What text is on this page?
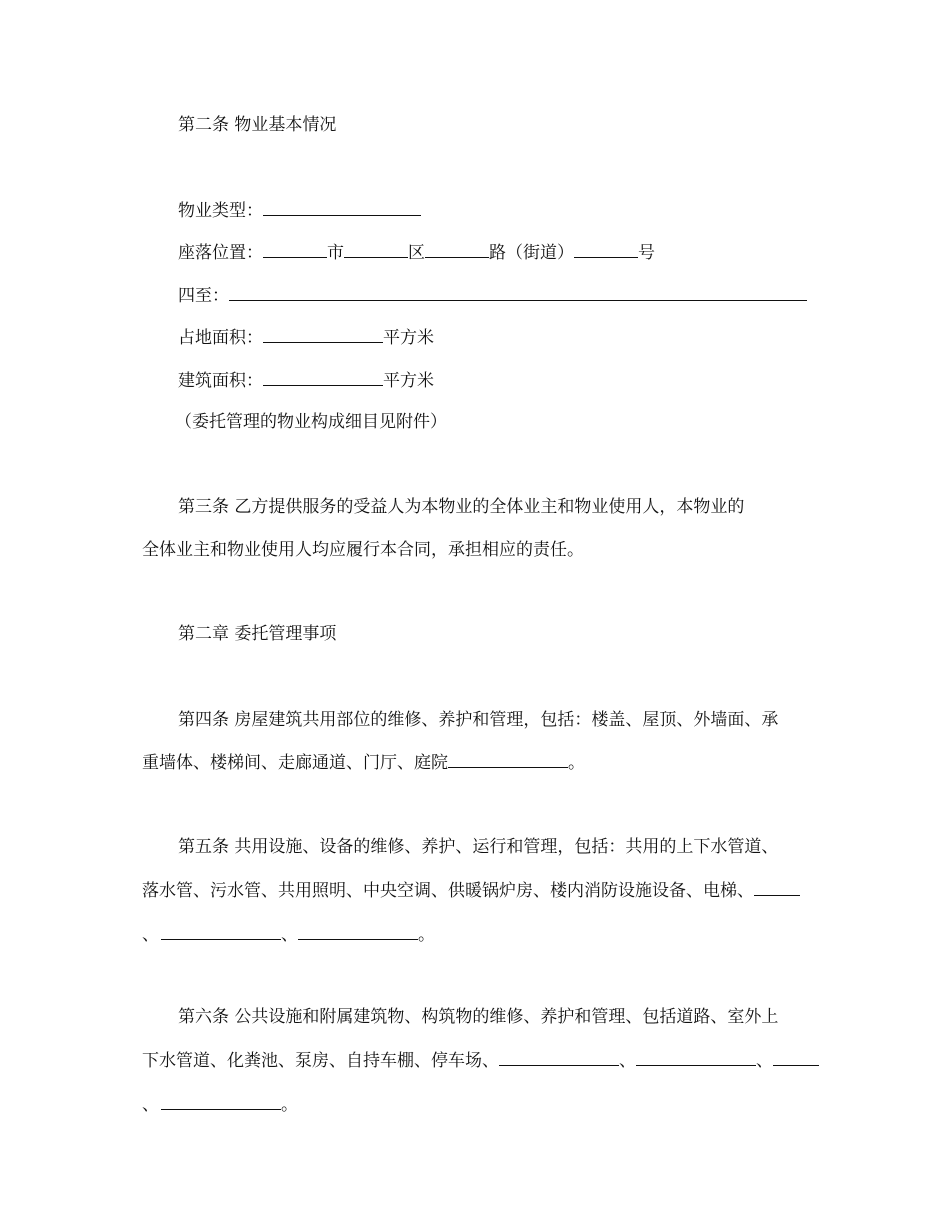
第二条 物业基本情况
物业类型：
座落位置：	市	区	路（街道）	号
四至：
占地面积：	平方米
建筑面积：	平方米
（委托管理的物业构成细目见附件）
第三条 乙方提供服务的受益人为本物业的全体业主和物业使用人，本物业的
全体业主和物业使用人均应履行本合同，承担相应的责任。
第二章 委托管理事项
第四条 房屋建筑共用部位的维修、养护和管理，包括：楼盖、屋顶、外墙面、承
重墙体、楼梯间、走廊通道、门厅、庭院	。
第五条 共用设施、设备的维修、养护、运行和管理，包括：共用的上下水管道、
落水管、污水管、共用照明、中央空调、供暖锅炉房、楼内消防设施设备、电梯、
、	、	。
第六条 公共设施和附属建筑物、构筑物的维修、养护和管理、包括道路、室外上
下水管道、化粪池、泵房、自持车棚、停车场、	、	、
、	。
